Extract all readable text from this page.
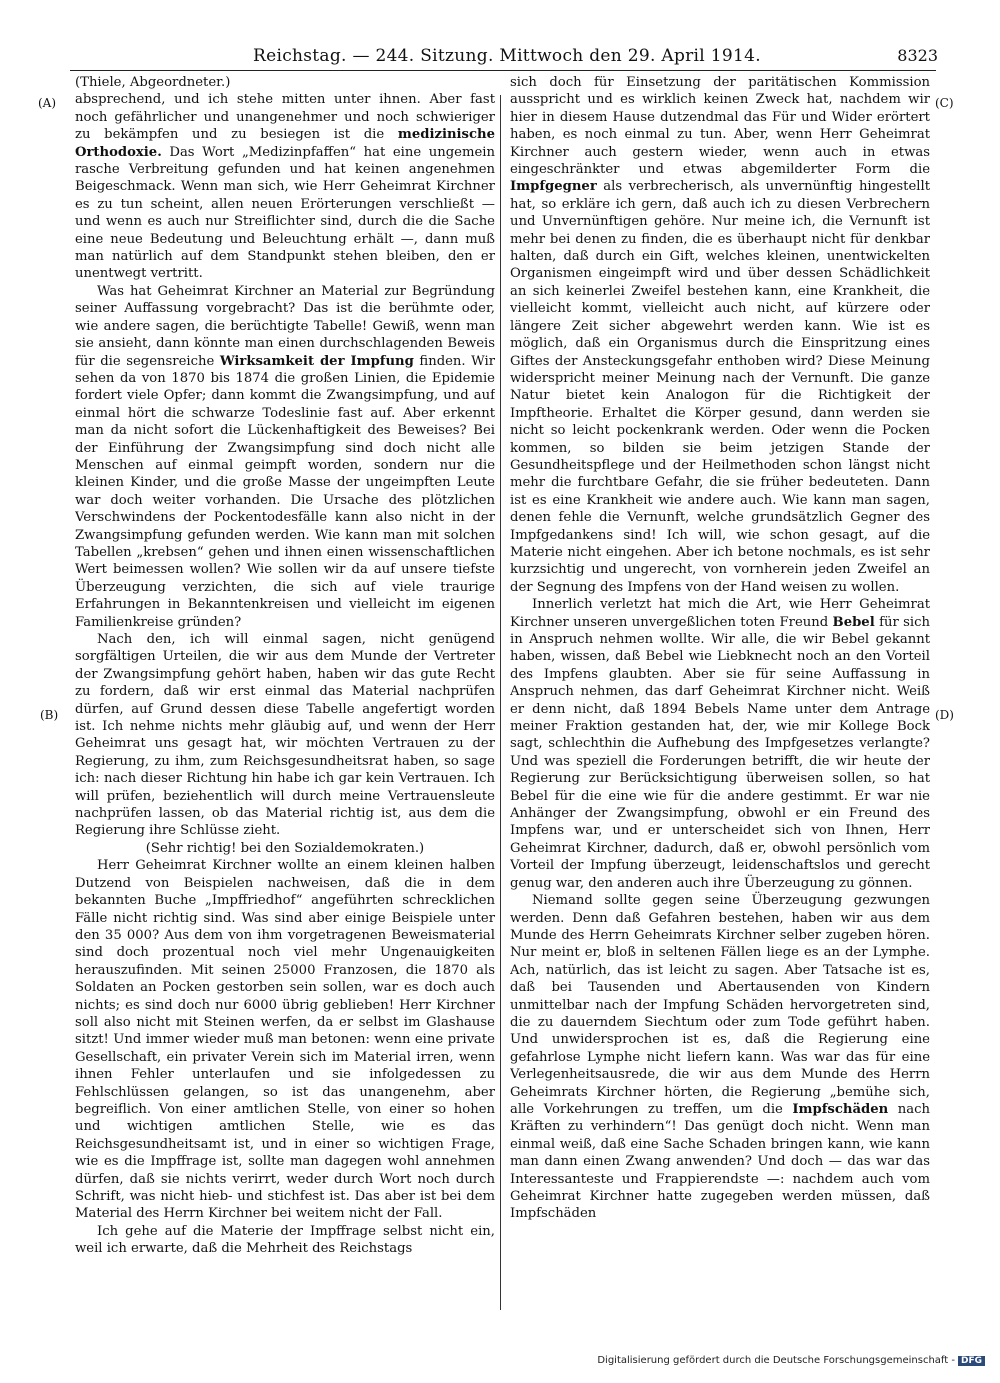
Reichstag. — 244. Sitzung. Mittwoch den 29. April 1914.	8323
(A)
(B)
(C)
(D)

(Thiele, Abgeordneter.)

absprechend, und ich stehe mitten unter ihnen. Aber fast noch gefährlicher und unangenehmer und noch schwieriger zu bekämpfen und zu besiegen ist die medizinische Orthodoxie. Das Wort „Medizinpfaffen“ hat eine ungemein rasche Verbreitung gefunden und hat keinen angenehmen Beigeschmack. Wenn man sich, wie Herr Geheimrat Kirchner es zu tun scheint, allen neuen Erörterungen verschließt — und wenn es auch nur Streiflichter sind, durch die die Sache eine neue Bedeutung und Beleuchtung erhält —, dann muß man natürlich auf dem Standpunkt stehen bleiben, den er unentwegt vertritt.

Was hat Geheimrat Kirchner an Material zur Begründung seiner Auffassung vorgebracht? Das ist die berühmte oder, wie andere sagen, die berüchtigte Tabelle! Gewiß, wenn man sie ansieht, dann könnte man einen durchschlagenden Beweis für die segensreiche Wirksamkeit der Impfung finden. Wir sehen da von 1870 bis 1874 die großen Linien, die Epidemie fordert viele Opfer; dann kommt die Zwangsimpfung, und auf einmal hört die schwarze Todeslinie fast auf. Aber erkennt man da nicht sofort die Lückenhaftigkeit des Beweises? Bei der Einführung der Zwangsimpfung sind doch nicht alle Menschen auf einmal geimpft worden, sondern nur die kleinen Kinder, und die große Masse der ungeimpften Leute war doch weiter vorhanden. Die Ursache des plötzlichen Verschwindens der Pockentodesfälle kann also nicht in der Zwangsimpfung gefunden werden. Wie kann man mit solchen Tabellen „krebsen“ gehen und ihnen einen wissenschaftlichen Wert beimessen wollen? Wie sollen wir da auf unsere tiefste Überzeugung verzichten, die sich auf viele traurige Erfahrungen in Bekanntenkreisen und vielleicht im eigenen Familienkreise gründen?

Nach den, ich will einmal sagen, nicht genügend sorgfältigen Urteilen, die wir aus dem Munde der Vertreter der Zwangsimpfung gehört haben, haben wir das gute Recht zu fordern, daß wir erst einmal das Material nachprüfen dürfen, auf Grund dessen diese Tabelle angefertigt worden ist. Ich nehme nichts mehr gläubig auf, und wenn der Herr Geheimrat uns gesagt hat, wir möchten Vertrauen zu der Regierung, zu ihm, zum Reichsgesundheitsrat haben, so sage ich: nach dieser Richtung hin habe ich gar kein Vertrauen. Ich will prüfen, beziehentlich will durch meine Vertrauensleute nachprüfen lassen, ob das Material richtig ist, aus dem die Regierung ihre Schlüsse zieht.

(Sehr richtig! bei den Sozialdemokraten.)

Herr Geheimrat Kirchner wollte an einem kleinen halben Dutzend von Beispielen nachweisen, daß die in dem bekannten Buche „Impffriedhof“ angeführten schrecklichen Fälle nicht richtig sind. Was sind aber einige Beispiele unter den 35 000? Aus dem von ihm vorgetragenen Beweismaterial sind doch prozentual noch viel mehr Ungenauigkeiten herauszufinden. Mit seinen 25000 Franzosen, die 1870 als Soldaten an Pocken gestorben sein sollen, war es doch auch nichts; es sind doch nur 6000 übrig geblieben! Herr Kirchner soll also nicht mit Steinen werfen, da er selbst im Glashause sitzt! Und immer wieder muß man betonen: wenn eine private Gesellschaft, ein privater Verein sich im Material irren, wenn ihnen Fehler unterlaufen und sie infolgedessen zu Fehlschlüssen gelangen, so ist das unangenehm, aber begreiflich. Von einer amtlichen Stelle, von einer so hohen und wichtigen amtlichen Stelle, wie es das Reichsgesundheitsamt ist, und in einer so wichtigen Frage, wie es die Impffrage ist, sollte man dagegen wohl annehmen dürfen, daß sie nichts verirrt, weder durch Wort noch durch Schrift, was nicht hieb- und stichfest ist. Das aber ist bei dem Material des Herrn Kirchner bei weitem nicht der Fall.

Ich gehe auf die Materie der Impffrage selbst nicht ein, weil ich erwarte, daß die Mehrheit des Reichstags

sich doch für Einsetzung der paritätischen Kommission ausspricht und es wirklich keinen Zweck hat, nachdem wir hier in diesem Hause dutzendmal das Für und Wider erörtert haben, es noch einmal zu tun. Aber, wenn Herr Geheimrat Kirchner auch gestern wieder, wenn auch in etwas eingeschränkter und etwas abgemilderter Form die Impfgegner als verbrecherisch, als unvernünftig hingestellt hat, so erkläre ich gern, daß auch ich zu diesen Verbrechern und Unvernünftigen gehöre. Nur meine ich, die Vernunft ist mehr bei denen zu finden, die es überhaupt nicht für denkbar halten, daß durch ein Gift, welches kleinen, unentwickelten Organismen eingeimpft wird und über dessen Schädlichkeit an sich keinerlei Zweifel bestehen kann, eine Krankheit, die vielleicht kommt, vielleicht auch nicht, auf kürzere oder längere Zeit sicher abgewehrt werden kann. Wie ist es möglich, daß ein Organismus durch die Einspritzung eines Giftes der Ansteckungsgefahr enthoben wird? Diese Meinung widerspricht meiner Meinung nach der Vernunft. Die ganze Natur bietet kein Analogon für die Richtigkeit der Impftheorie. Erhaltet die Körper gesund, dann werden sie nicht so leicht pockenkrank werden. Oder wenn die Pocken kommen, so bilden sie beim jetzigen Stande der Gesundheitspflege und der Heilmethoden schon längst nicht mehr die furchtbare Gefahr, die sie früher bedeuteten. Dann ist es eine Krankheit wie andere auch. Wie kann man sagen, denen fehle die Vernunft, welche grundsätzlich Gegner des Impfgedankens sind! Ich will, wie schon gesagt, auf die Materie nicht eingehen. Aber ich betone nochmals, es ist sehr kurzsichtig und ungerecht, von vornherein jeden Zweifel an der Segnung des Impfens von der Hand weisen zu wollen.

Innerlich verletzt hat mich die Art, wie Herr Geheimrat Kirchner unseren unvergeßlichen toten Freund Bebel für sich in Anspruch nehmen wollte. Wir alle, die wir Bebel gekannt haben, wissen, daß Bebel wie Liebknecht noch an den Vorteil des Impfens glaubten. Aber sie für seine Auffassung in Anspruch nehmen, das darf Geheimrat Kirchner nicht. Weiß er denn nicht, daß 1894 Bebels Name unter dem Antrage meiner Fraktion gestanden hat, der, wie mir Kollege Bock sagt, schlechthin die Aufhebung des Impfgesetzes verlangte? Und was speziell die Forderungen betrifft, die wir heute der Regierung zur Berücksichtigung überweisen sollen, so hat Bebel für die eine wie für die andere gestimmt. Er war nie Anhänger der Zwangsimpfung, obwohl er ein Freund des Impfens war, und er unterscheidet sich von Ihnen, Herr Geheimrat Kirchner, dadurch, daß er, obwohl persönlich vom Vorteil der Impfung überzeugt, leidenschaftslos und gerecht genug war, den anderen auch ihre Überzeugung zu gönnen.

Niemand sollte gegen seine Überzeugung gezwungen werden. Denn daß Gefahren bestehen, haben wir aus dem Munde des Herrn Geheimrats Kirchner selber zugeben hören. Nur meint er, bloß in seltenen Fällen liege es an der Lymphe. Ach, natürlich, das ist leicht zu sagen. Aber Tatsache ist es, daß bei Tausenden und Abertausenden von Kindern unmittelbar nach der Impfung Schäden hervorgetreten sind, die zu dauerndem Siechtum oder zum Tode geführt haben. Und unwidersprochen ist es, daß die Regierung eine gefahrlose Lymphe nicht liefern kann. Was war das für eine Verlegenheitsausrede, die wir aus dem Munde des Herrn Geheimrats Kirchner hörten, die Regierung „bemühe sich, alle Vorkehrungen zu treffen, um die Impfschäden nach Kräften zu verhindern“! Das genügt doch nicht. Wenn man einmal weiß, daß eine Sache Schaden bringen kann, wie kann man dann einen Zwang anwenden? Und doch — das war das Interessanteste und Frappierendste —: nachdem auch vom Geheimrat Kirchner hatte zugegeben werden müssen, daß Impfschäden

Digitalisierung gefördert durch die Deutsche Forschungsgemeinschaft - DFG
